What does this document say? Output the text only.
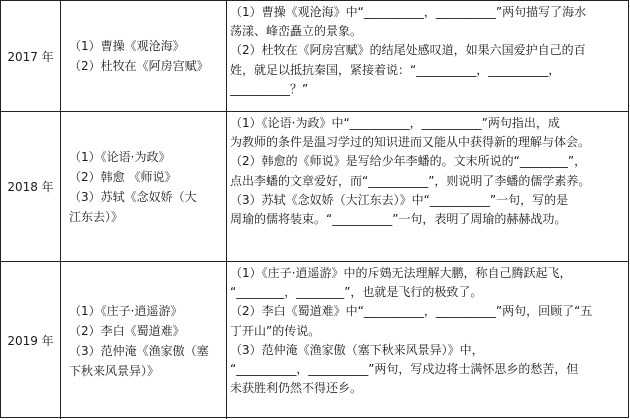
2017 年
（1）曹操《观沧海》
（2）杜牧在《阿房宫赋》
（1）曹操《观沧海》中“__________，__________”两句描写了海水
荡漾、峰峦矗立的景象。
（2）杜牧在《阿房宫赋》的结尾处感叹道，如果六国爱护自己的百
姓，就足以抵抗秦国，紧接着说：“__________，__________，
__________？”
2018 年
（1）《论语·为政》
（2）韩愈 《师说》
（3）苏轼《念奴娇（大
江东去）》
（1）《论语·为政》中“__________，__________”两句指出，成
为教师的条件是温习学过的知识进而又能从中获得新的理解与体会。
（2）韩愈的《师说》是写给少年李蟠的。文末所说的“________”，
点出李蟠的文章爱好，而“__________”，则说明了李蟠的儒学素养。
（3）苏轼《念奴娇（大江东去）》中“__________”一句，写的是
周瑜的儒将装束。“__________”一句，表明了周瑜的赫赫战功。
2019 年
（1）《庄子·逍遥游》
（2）李白《蜀道难》
（3）范仲淹《渔家傲（塞
下秋来风景异）》
（1）《庄子·逍遥游》中的斥鴳无法理解大鹏，称自己腾跃起飞，
“________，________”，也就是飞行的极致了。
（2）李白《蜀道难》中“__________，__________”两句，回顾了“五
丁开山”的传说。
（3）范仲淹《渔家傲（塞下秋来风景异）》中，
“__________，__________”两句，写戍边将士满怀思乡的愁苦，但
未获胜利仍然不得还乡。
